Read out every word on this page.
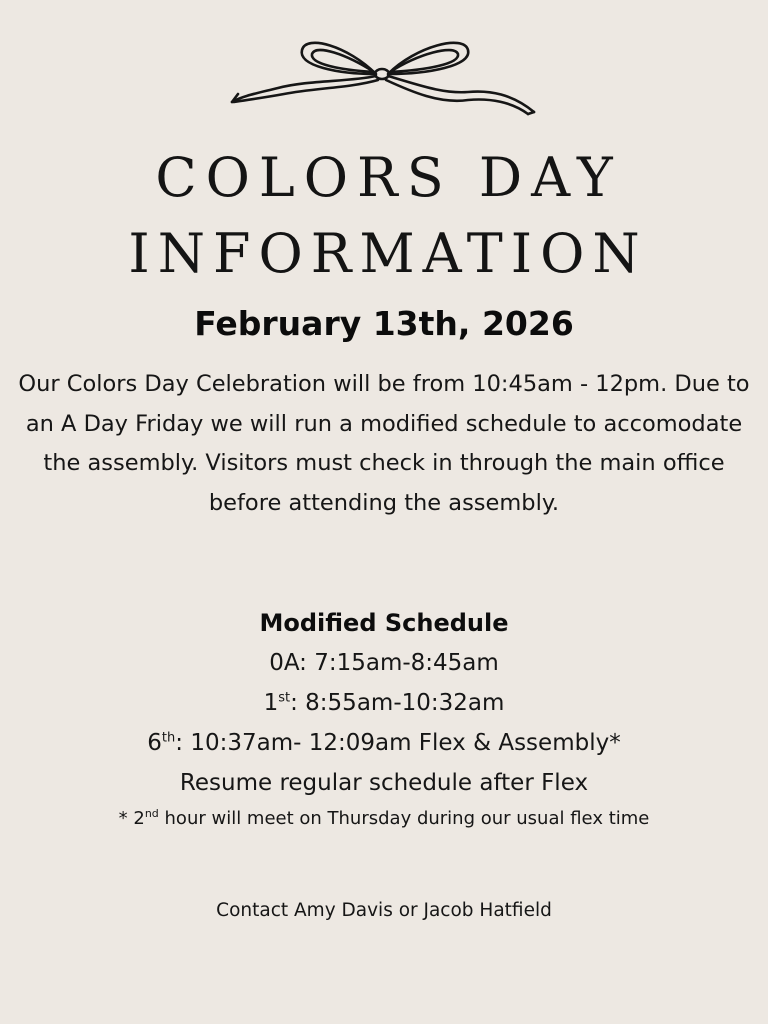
COLORS DAY
INFORMATION
February 13th, 2026

Our Colors Day Celebration will be from 10:45am - 12pm. Due to an A Day Friday we will run a modified schedule to accomodate the assembly. Visitors must check in through the main office before attending the assembly.

Modified Schedule
0A: 7:15am-8:45am
1st: 8:55am-10:32am
6th: 10:37am- 12:09am Flex & Assembly*
Resume regular schedule after Flex
* 2nd hour will meet on Thursday during our usual flex time
Contact Amy Davis or Jacob Hatfield
